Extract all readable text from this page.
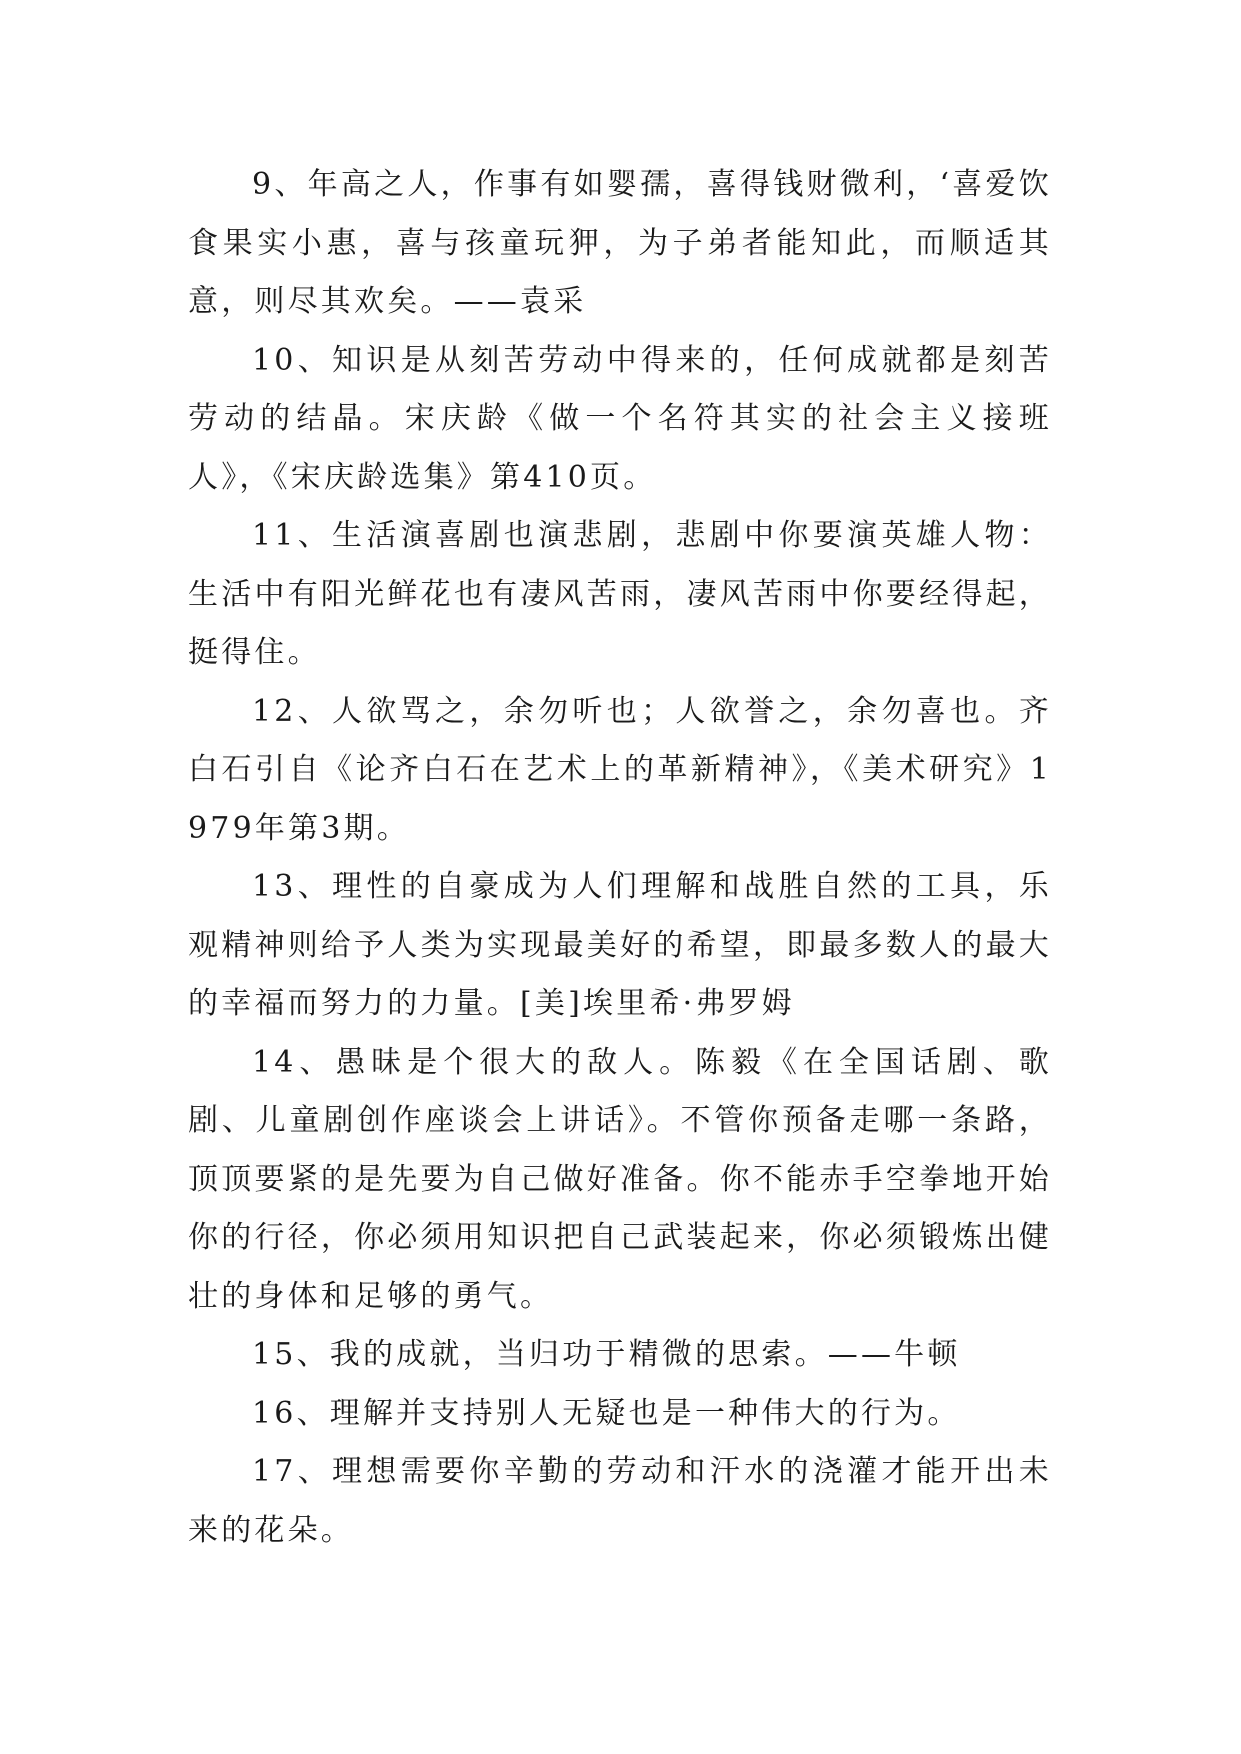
9、年高之人，作事有如婴孺，喜得钱财微利，‘喜爱饮食果实小惠，喜与孩童玩狎，为子弟者能知此，而顺适其意，则尽其欢矣。——袁采

10、知识是从刻苦劳动中得来的，任何成就都是刻苦劳动的结晶。宋庆龄《做一个名符其实的社会主义接班人》，《宋庆龄选集》第410页。

11、生活演喜剧也演悲剧，悲剧中你要演英雄人物：生活中有阳光鲜花也有凄风苦雨，凄风苦雨中你要经得起，挺得住。

12、人欲骂之，余勿听也；人欲誉之，余勿喜也。齐白石引自《论齐白石在艺术上的革新精神》，《美术研究》1979年第3期。

13、理性的自豪成为人们理解和战胜自然的工具，乐观精神则给予人类为实现最美好的希望，即最多数人的最大的幸福而努力的力量。[美]埃里希·弗罗姆

14、愚昧是个很大的敌人。陈毅《在全国话剧、歌剧、儿童剧创作座谈会上讲话》。不管你预备走哪一条路，顶顶要紧的是先要为自己做好准备。你不能赤手空拳地开始你的行径，你必须用知识把自己武装起来，你必须锻炼出健壮的身体和足够的勇气。

15、我的成就，当归功于精微的思索。——牛顿

16、理解并支持别人无疑也是一种伟大的行为。

17、理想需要你辛勤的劳动和汗水的浇灌才能开出未来的花朵。
